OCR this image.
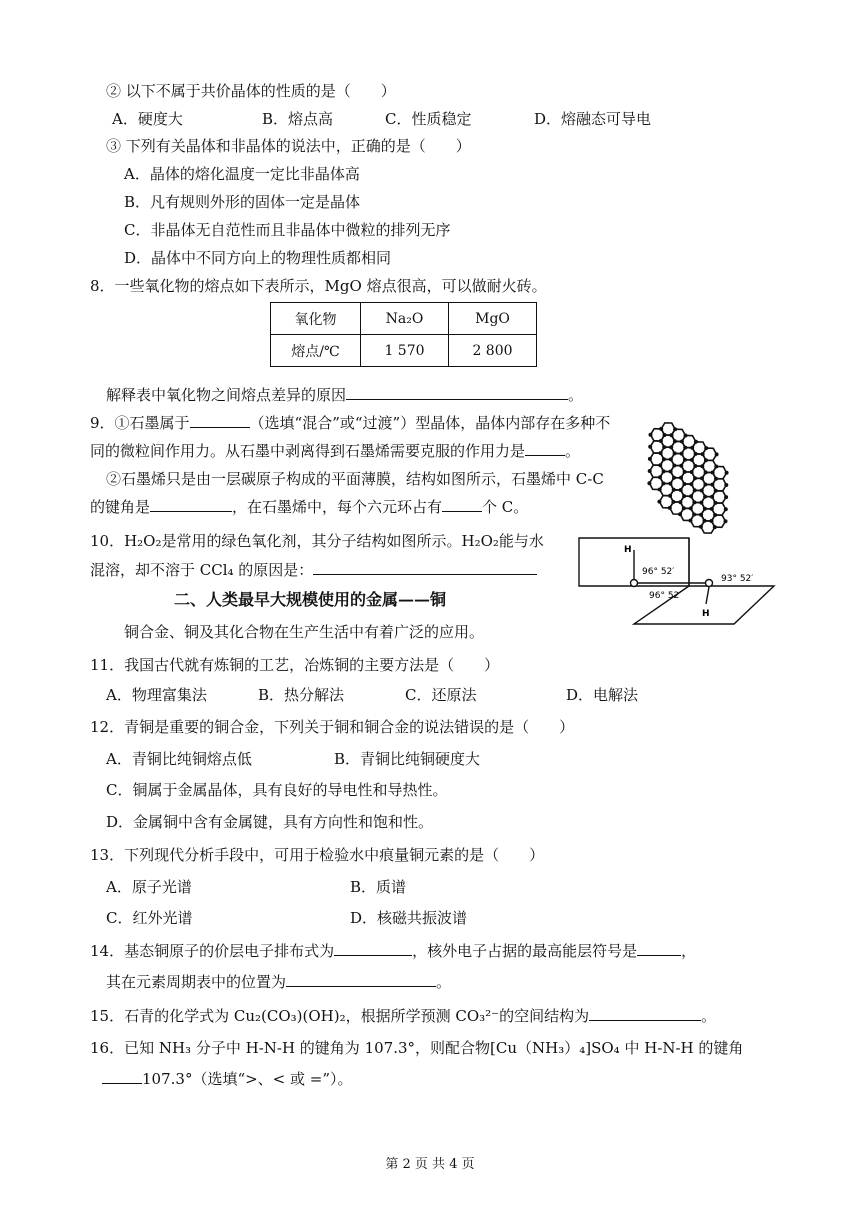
② 以下不属于共价晶体的性质的是（　　）
A．硬度大	B．熔点高	C．性质稳定	D．熔融态可导电
③ 下列有关晶体和非晶体的说法中，正确的是（　　）
A．晶体的熔化温度一定比非晶体高
B．凡有规则外形的固体一定是晶体
C．非晶体无自范性而且非晶体中微粒的排列无序
D．晶体中不同方向上的物理性质都相同
8．一些氧化物的熔点如下表所示，MgO 熔点很高，可以做耐火砖。
氧化物	Na₂O	MgO
熔点/℃	1 570	2 800
解释表中氧化物之间熔点差异的原因	。
9．①石墨属于	（选填“混合”或“过渡”）型晶体，晶体内部存在多种不
同的微粒间作用力。从石墨中剥离得到石墨烯需要克服的作用力是	。
②石墨烯只是由一层碳原子构成的平面薄膜，结构如图所示，石墨烯中 C-C
的键角是	，在石墨烯中，每个六元环占有	个 C。
10．H₂O₂是常用的绿色氧化剂，其分子结构如图所示。H₂O₂能与水
混溶，却不溶于 CCl₄ 的原因是：
H
H
96° 52′
96° 52′
93° 52′
二、人类最早大规模使用的金属——铜
铜合金、铜及其化合物在生产生活中有着广泛的应用。
11．我国古代就有炼铜的工艺，冶炼铜的主要方法是（　　）
A．物理富集法	B．热分解法	C．还原法	D．电解法
12．青铜是重要的铜合金，下列关于铜和铜合金的说法错误的是（　　）
A．青铜比纯铜熔点低	B．青铜比纯铜硬度大
C．铜属于金属晶体，具有良好的导电性和导热性。
D．金属铜中含有金属键，具有方向性和饱和性。
13．下列现代分析手段中，可用于检验水中痕量铜元素的是（　　）
A．原子光谱	B．质谱
C．红外光谱	D．核磁共振波谱
14．基态铜原子的价层电子排布式为	，核外电子占据的最高能层符号是	，
其在元素周期表中的位置为	。
15．石青的化学式为 Cu₂(CO₃)(OH)₂，根据所学预测 CO₃²⁻的空间结构为	。
16．已知 NH₃ 分子中 H-N-H 的键角为 107.3°，则配合物[Cu（NH₃）₄]SO₄ 中 H-N-H 的键角
107.3°（选填“>、< 或 =”）。
第 2 页 共 4 页
